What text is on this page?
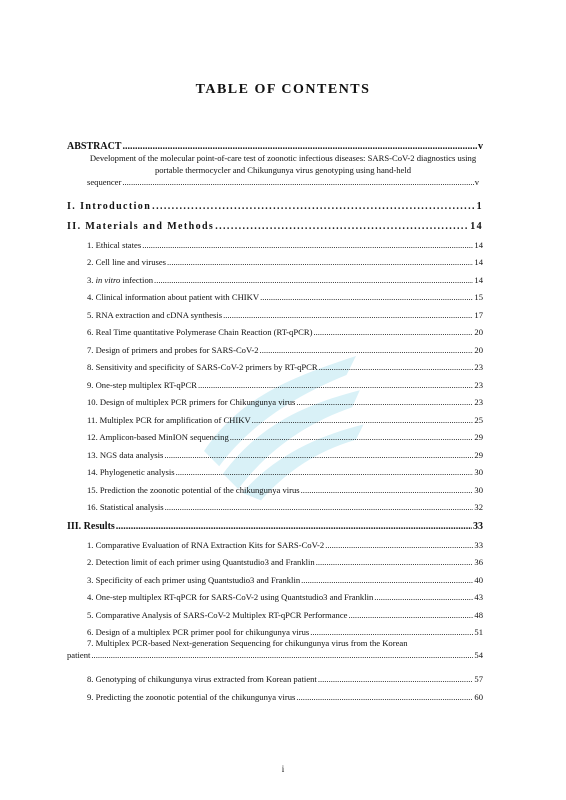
TABLE OF CONTENTS
ABSTRACT .....	v
Development of the molecular point-of-care test of zoonotic infectious diseases: SARS-CoV-2 diagnostics using portable thermocycler and Chikungunya virus genotyping using hand-held
sequencer .....	v
I. Introduction .....	1
II. Materials and Methods .....	14
1. Ethical states .....	14
2. Cell line and viruses .....	14
3. in vitro infection .....	14
4. Clinical information about patient with CHIKV .....	15
5. RNA extraction and cDNA synthesis .....	17
6. Real Time quantitative Polymerase Chain Reaction (RT-qPCR) .....	20
7. Design of primers and probes for SARS-CoV-2 .....	20
8. Sensitivity and specificity of SARS-CoV-2 primers by RT-qPCR .....	23
9. One-step multiplex RT-qPCR .....	23
10. Design of multiplex PCR primers for Chikungunya virus .....	23
11. Multiplex PCR for amplification of CHIKV .....	25
12. Amplicon-based MinION sequencing .....	29
13. NGS data analysis .....	29
14. Phylogenetic analysis .....	30
15. Prediction the zoonotic potential of the chikungunya virus .....	30
16. Statistical analysis .....	32
III. Results .....	33
1. Comparative Evaluation of RNA Extraction Kits for SARS-CoV-2 .....	33
2. Detection limit of each primer using Quantstudio3 and Franklin .....	36
3. Specificity of each primer using Quantstudio3 and Franklin .....	40
4. One-step multiplex RT-qPCR for SARS-CoV-2 using Quantstudio3 and Franklin .....	43
5. Comparative Analysis of SARS-CoV-2 Multiplex RT-qPCR Performance .....	48
6. Design of a multiplex PCR primer pool for chikungunya virus .....	51
7. Multiplex PCR-based Next-generation Sequencing for chikungunya virus from the Korean
patient .....	54
8. Genotyping of chikungunya virus extracted from Korean patient .....	57
9. Predicting the zoonotic potential of the chikungunya virus .....	60
i
